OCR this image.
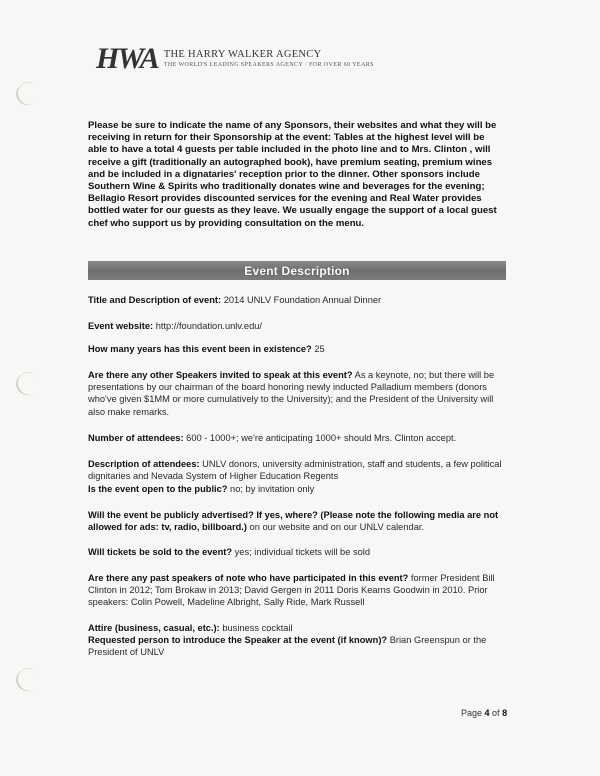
HWA THE HARRY WALKER AGENCY
THE WORLD'S LEADING SPEAKERS AGENCY · FOR OVER 60 YEARS

Please be sure to indicate the name of any Sponsors, their websites and what they will be receiving in return for their Sponsorship at the event: Tables at the highest level will be able to have a total 4 guests per table included in the photo line and to Mrs. Clinton , will receive a gift (traditionally an autographed book), have premium seating, premium wines and be included in a dignataries' reception prior to the dinner. Other sponsors include Southern Wine & Spirits who traditionally donates wine and beverages for the evening; Bellagio Resort provides discounted services for the evening and Real Water provides bottled water for our guests as they leave. We usually engage the support of a local guest chef who support us by providing consultation on the menu.

Event Description
Title and Description of event: 2014 UNLV Foundation Annual Dinner
Event website: http://foundation.unlv.edu/
How many years has this event been in existence? 25
Are there any other Speakers invited to speak at this event? As a keynote, no; but there will be presentations by our chairman of the board honoring newly inducted Palladium members (donors who've given $1MM or more cumulatively to the University); and the President of the University will also make remarks.
Number of attendees: 600 - 1000+; we're anticipating 1000+ should Mrs. Clinton accept.
Description of attendees: UNLV donors, university administration, staff and students, a few political dignitaries and Nevada System of Higher Education Regents
Is the event open to the public? no; by invitation only
Will the event be publicly advertised? If yes, where? (Please note the following media are not allowed for ads: tv, radio, billboard.) on our website and on our UNLV calendar.
Will tickets be sold to the event? yes; individual tickets will be sold
Are there any past speakers of note who have participated in this event? former President Bill Clinton in 2012; Tom Brokaw in 2013; David Gergen in 2011 Doris Kearns Goodwin in 2010. Prior speakers: Colin Powell, Madeline Albright, Sally Ride, Mark Russell
Attire (business, casual, etc.): business cocktail
Requested person to introduce the Speaker at the event (if known)? Brian Greenspun or the President of UNLV
Page 4 of 8
